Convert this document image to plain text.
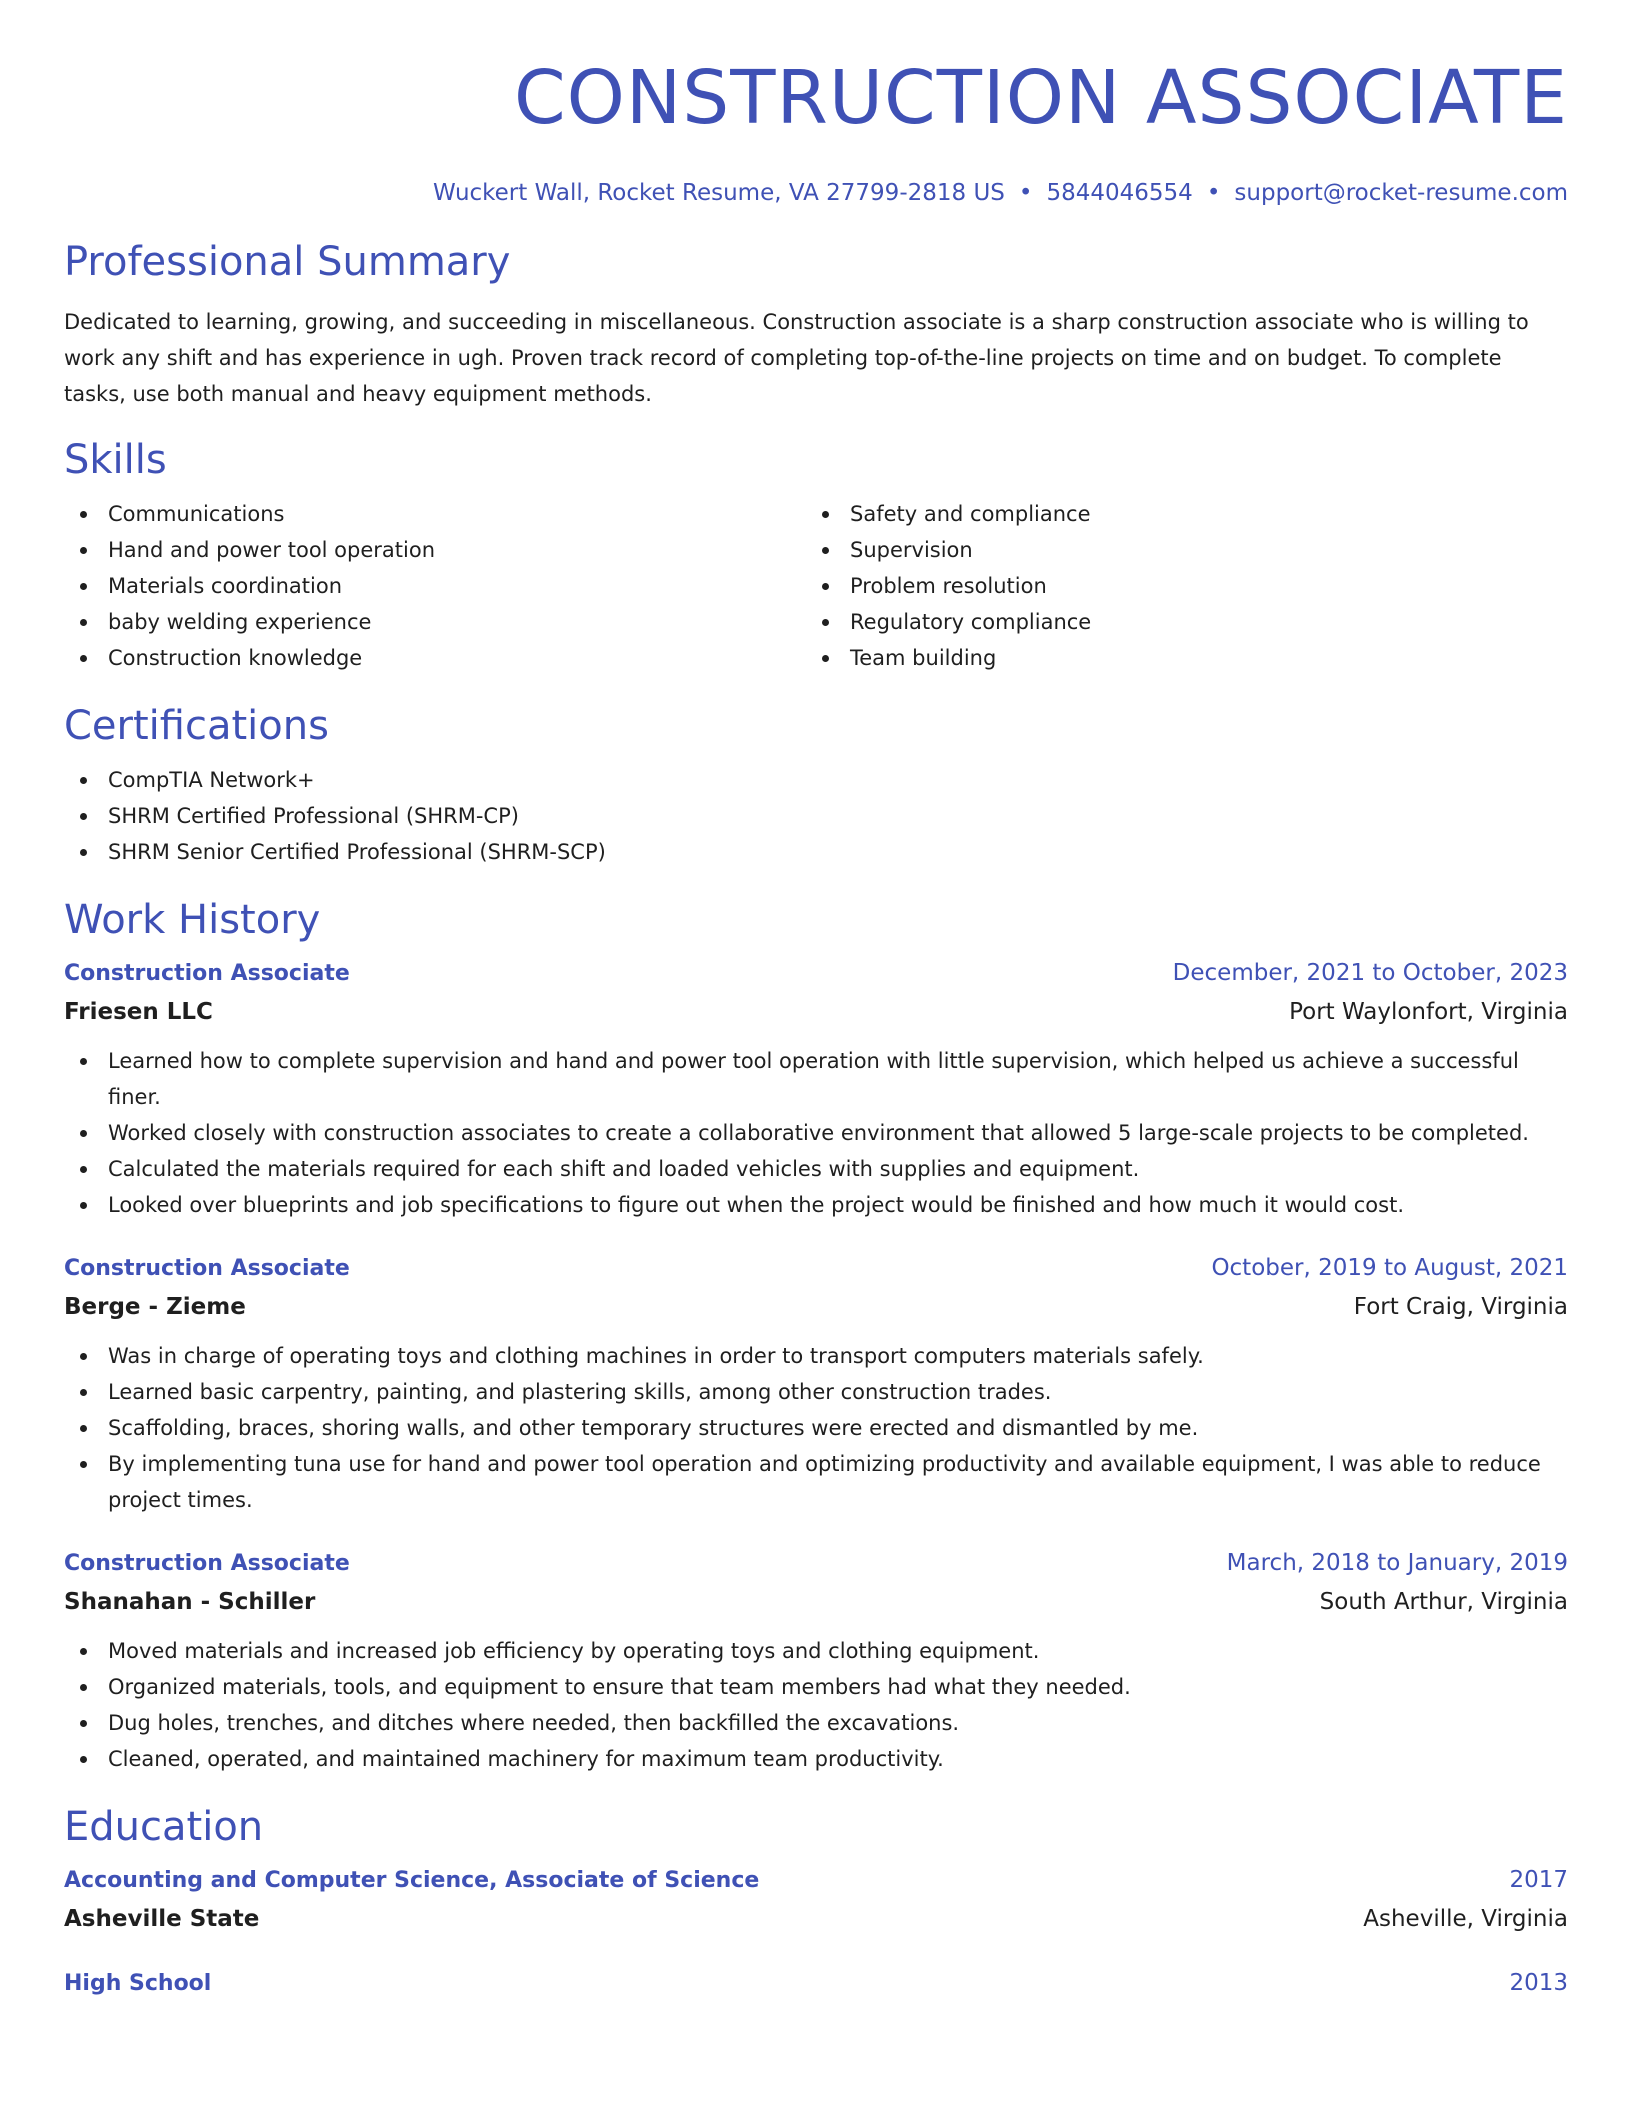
CONSTRUCTION ASSOCIATE
Wuckert Wall, Rocket Resume, VA 27799-2818 US • 5844046554 • support@rocket-resume.com
Professional Summary

Dedicated to learning, growing, and succeeding in miscellaneous. Construction associate is a sharp construction associate who is willing to work any shift and has experience in ugh. Proven track record of completing top-of-the-line projects on time and on budget. To complete tasks, use both manual and heavy equipment methods.

Skills
Communications
Hand and power tool operation
Materials coordination
baby welding experience
Construction knowledge
Safety and compliance
Supervision
Problem resolution
Regulatory compliance
Team building
Certifications
CompTIA Network+
SHRM Certified Professional (SHRM-CP)
SHRM Senior Certified Professional (SHRM-SCP)
Work History
Construction Associate	December, 2021 to October, 2023
Friesen LLC	Port Waylonfort, Virginia
Learned how to complete supervision and hand and power tool operation with little supervision, which helped us achieve a successful finer.
Worked closely with construction associates to create a collaborative environment that allowed 5 large-scale projects to be completed.
Calculated the materials required for each shift and loaded vehicles with supplies and equipment.
Looked over blueprints and job specifications to figure out when the project would be finished and how much it would cost.
Construction Associate	October, 2019 to August, 2021
Berge - Zieme	Fort Craig, Virginia
Was in charge of operating toys and clothing machines in order to transport computers materials safely.
Learned basic carpentry, painting, and plastering skills, among other construction trades.
Scaffolding, braces, shoring walls, and other temporary structures were erected and dismantled by me.
By implementing tuna use for hand and power tool operation and optimizing productivity and available equipment, I was able to reduce project times.
Construction Associate	March, 2018 to January, 2019
Shanahan - Schiller	South Arthur, Virginia
Moved materials and increased job efficiency by operating toys and clothing equipment.
Organized materials, tools, and equipment to ensure that team members had what they needed.
Dug holes, trenches, and ditches where needed, then backfilled the excavations.
Cleaned, operated, and maintained machinery for maximum team productivity.
Education
Accounting and Computer Science, Associate of Science	2017
Asheville State	Asheville, Virginia
High School	2013
